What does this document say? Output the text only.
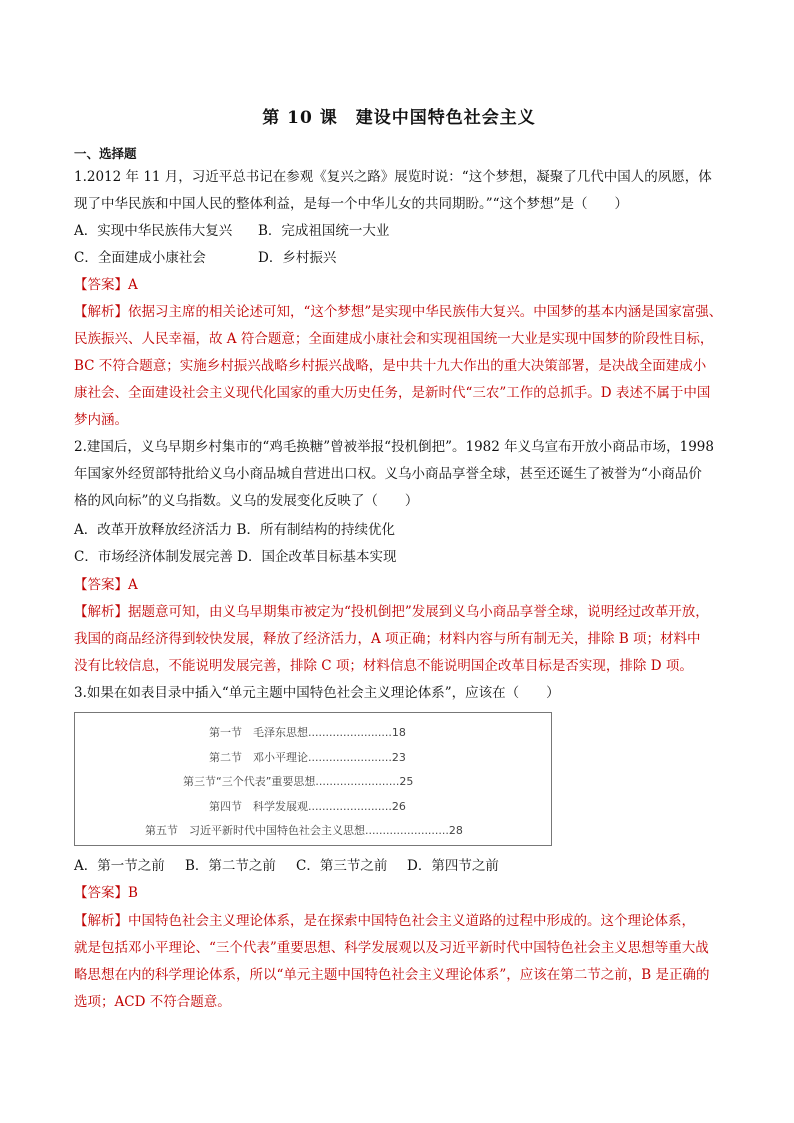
第 10 课　建设中国特色社会主义
一、选择题
1.2012 年 11 月，习近平总书记在参观《复兴之路》展览时说：“这个梦想，凝聚了几代中国人的夙愿，体
现了中华民族和中国人民的整体利益，是每一个中华儿女的共同期盼。”“这个梦想”是（　　）
A．实现中华民族伟大复兴 B．完成祖国统一大业
C．全面建成小康社会	D．乡村振兴
【答案】A
【解析】依据习主席的相关论述可知，“这个梦想”是实现中华民族伟大复兴。中国梦的基本内涵是国家富强、
民族振兴、人民幸福，故 A 符合题意；全面建成小康社会和实现祖国统一大业是实现中国梦的阶段性目标，
BC 不符合题意；实施乡村振兴战略乡村振兴战略，是中共十九大作出的重大决策部署，是决战全面建成小
康社会、全面建设社会主义现代化国家的重大历史任务，是新时代“三农”工作的总抓手。D 表述不属于中国
梦内涵。
2.建国后，义乌早期乡村集市的“鸡毛换糖”曾被举报“投机倒把”。1982 年义乌宣布开放小商品市场，1998
年国家外经贸部特批给义乌小商品城自营进出口权。义乌小商品享誉全球，甚至还诞生了被誉为“小商品价
格的风向标”的义乌指数。义乌的发展变化反映了（　　）
A．改革开放释放经济活力 B．所有制结构的持续优化
C．市场经济体制发展完善 D．国企改革目标基本实现
【答案】A
【解析】据题意可知，由义乌早期集市被定为“投机倒把”发展到义乌小商品享誉全球，说明经过改革开放，
我国的商品经济得到较快发展，释放了经济活力，A 项正确；材料内容与所有制无关，排除 B 项；材料中
没有比较信息，不能说明发展完善，排除 C 项；材料信息不能说明国企改革目标是否实现，排除 D 项。
3.如果在如表目录中插入“单元主题中国特色社会主义理论体系”，应该在（　　）
第一节　毛泽东思想........................18
第二节　邓小平理论........................23
第三节“三个代表”重要思想........................25
第四节　科学发展观........................26
第五节　习近平新时代中国特色社会主义思想........................28
A．第一节之前 B．第二节之前 C．第三节之前 D．第四节之前
【答案】B
【解析】中国特色社会主义理论体系，是在探索中国特色社会主义道路的过程中形成的。这个理论体系，
就是包括邓小平理论、“三个代表”重要思想、科学发展观以及习近平新时代中国特色社会主义思想等重大战
略思想在内的科学理论体系，所以“单元主题中国特色社会主义理论体系”，应该在第二节之前，B 是正确的
选项；ACD 不符合题意。
